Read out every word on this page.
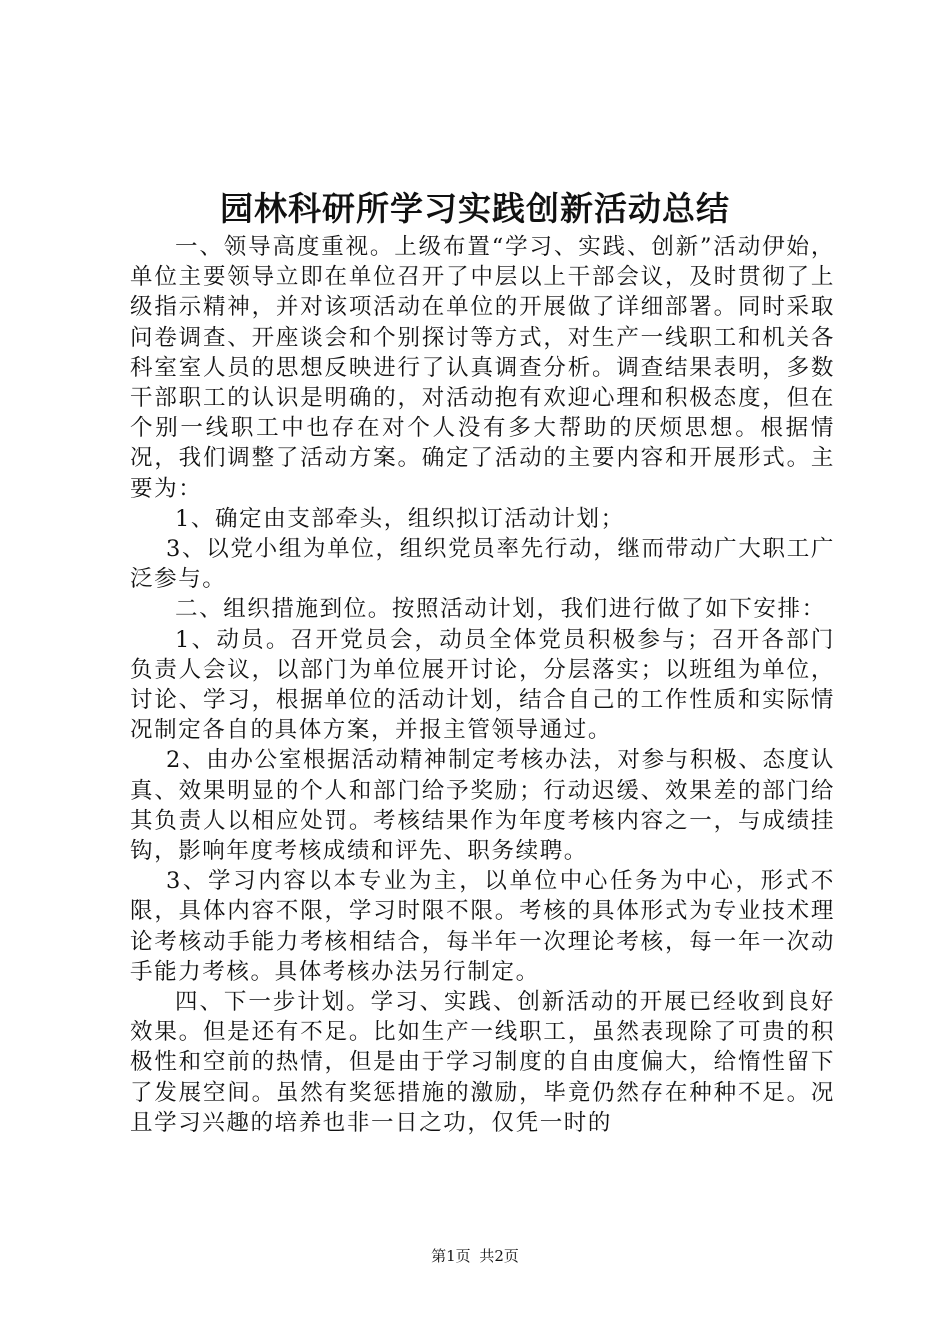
园林科研所学习实践创新活动总结

一、领导高度重视。上级布置“学习、实践、创新”活动伊始，单位主要领导立即在单位召开了中层以上干部会议，及时贯彻了上级指示精神，并对该项活动在单位的开展做了详细部署。同时采取问卷调查、开座谈会和个别探讨等方式，对生产一线职工和机关各科室室人员的思想反映进行了认真调查分析。调查结果表明，多数干部职工的认识是明确的，对活动抱有欢迎心理和积极态度，但在个别一线职工中也存在对个人没有多大帮助的厌烦思想。根据情况，我们调整了活动方案。确定了活动的主要内容和开展形式。主要为：

1、确定由支部牵头，组织拟订活动计划；

3、以党小组为单位，组织党员率先行动，继而带动广大职工广泛参与。

二、组织措施到位。按照活动计划，我们进行做了如下安排：

1、动员。召开党员会，动员全体党员积极参与；召开各部门负责人会议，以部门为单位展开讨论，分层落实；以班组为单位，讨论、学习，根据单位的活动计划，结合自己的工作性质和实际情况制定各自的具体方案，并报主管领导通过。

2、由办公室根据活动精神制定考核办法，对参与积极、态度认真、效果明显的个人和部门给予奖励；行动迟缓、效果差的部门给其负责人以相应处罚。考核结果作为年度考核内容之一，与成绩挂钩，影响年度考核成绩和评先、职务续聘。

3、学习内容以本专业为主，以单位中心任务为中心，形式不限，具体内容不限，学习时限不限。考核的具体形式为专业技术理论考核动手能力考核相结合，每半年一次理论考核，每一年一次动手能力考核。具体考核办法另行制定。

四、下一步计划。学习、实践、创新活动的开展已经收到良好效果。但是还有不足。比如生产一线职工，虽然表现除了可贵的积极性和空前的热情，但是由于学习制度的自由度偏大，给惰性留下了发展空间。虽然有奖惩措施的激励，毕竟仍然存在种种不足。况且学习兴趣的培养也非一日之功，仅凭一时的

第1页 共2页
